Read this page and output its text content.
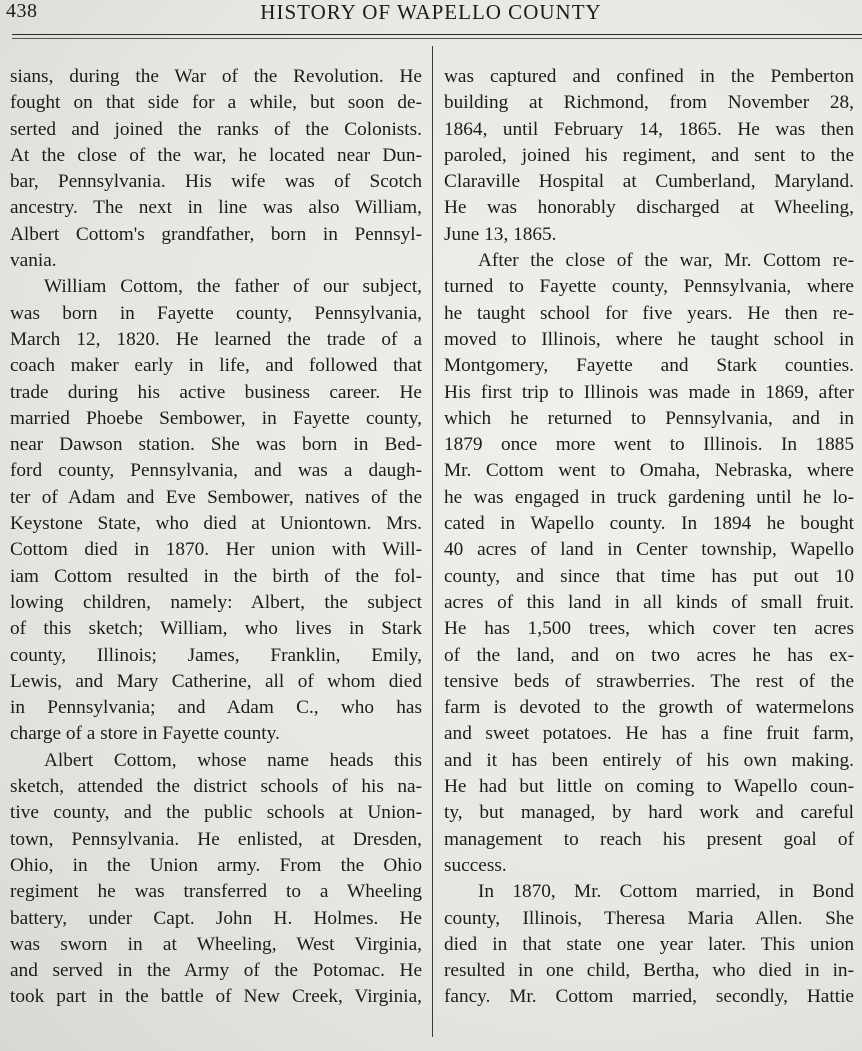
438	HISTORY OF WAPELLO COUNTY
sians, during the War of the Revolution. He
fought on that side for a while, but soon de-
serted and joined the ranks of the Colonists.
At the close of the war, he located near Dun-
bar, Pennsylvania. His wife was of Scotch
ancestry. The next in line was also William,
Albert Cottom's grandfather, born in Pennsyl-
vania.
William Cottom, the father of our subject,
was born in Fayette county, Pennsylvania,
March 12, 1820. He learned the trade of a
coach maker early in life, and followed that
trade during his active business career. He
married Phoebe Sembower, in Fayette county,
near Dawson station. She was born in Bed-
ford county, Pennsylvania, and was a daugh-
ter of Adam and Eve Sembower, natives of the
Keystone State, who died at Uniontown. Mrs.
Cottom died in 1870. Her union with Will-
iam Cottom resulted in the birth of the fol-
lowing children, namely: Albert, the subject
of this sketch; William, who lives in Stark
county, Illinois; James, Franklin, Emily,
Lewis, and Mary Catherine, all of whom died
in Pennsylvania; and Adam C., who has
charge of a store in Fayette county.
Albert Cottom, whose name heads this
sketch, attended the district schools of his na-
tive county, and the public schools at Union-
town, Pennsylvania. He enlisted, at Dresden,
Ohio, in the Union army. From the Ohio
regiment he was transferred to a Wheeling
battery, under Capt. John H. Holmes. He
was sworn in at Wheeling, West Virginia,
and served in the Army of the Potomac. He
took part in the battle of New Creek, Virginia,
was captured and confined in the Pemberton
building at Richmond, from November 28,
1864, until February 14, 1865. He was then
paroled, joined his regiment, and sent to the
Claraville Hospital at Cumberland, Maryland.
He was honorably discharged at Wheeling,
June 13, 1865.
After the close of the war, Mr. Cottom re-
turned to Fayette county, Pennsylvania, where
he taught school for five years. He then re-
moved to Illinois, where he taught school in
Montgomery, Fayette and Stark counties.
His first trip to Illinois was made in 1869, after
which he returned to Pennsylvania, and in
1879 once more went to Illinois. In 1885
Mr. Cottom went to Omaha, Nebraska, where
he was engaged in truck gardening until he lo-
cated in Wapello county. In 1894 he bought
40 acres of land in Center township, Wapello
county, and since that time has put out 10
acres of this land in all kinds of small fruit.
He has 1,500 trees, which cover ten acres
of the land, and on two acres he has ex-
tensive beds of strawberries. The rest of the
farm is devoted to the growth of watermelons
and sweet potatoes. He has a fine fruit farm,
and it has been entirely of his own making.
He had but little on coming to Wapello coun-
ty, but managed, by hard work and careful
management to reach his present goal of
success.
In 1870, Mr. Cottom married, in Bond
county, Illinois, Theresa Maria Allen. She
died in that state one year later. This union
resulted in one child, Bertha, who died in in-
fancy. Mr. Cottom married, secondly, Hattie
